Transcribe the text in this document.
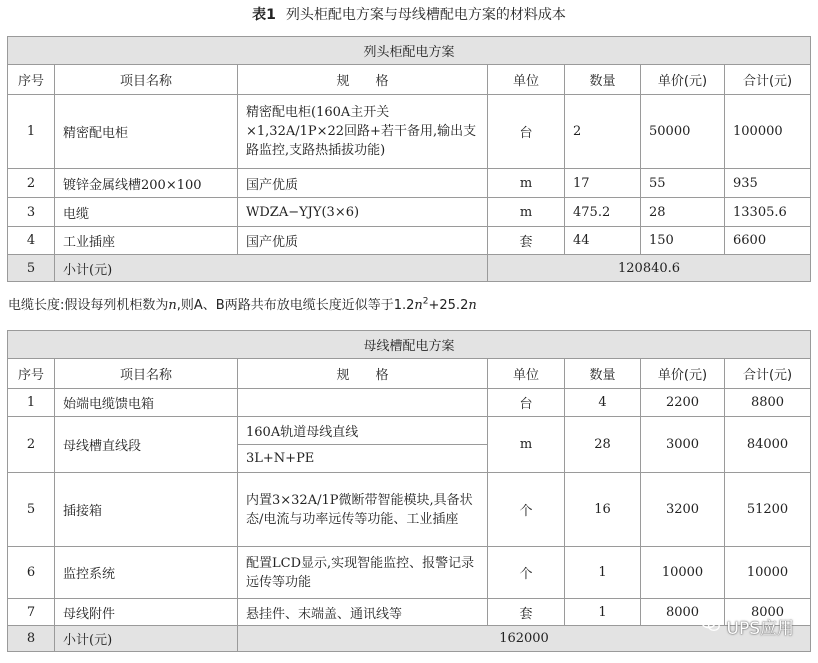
表1 列头柜配电方案与母线槽配电方案的材料成本
列头柜配电方案						
序号	项目名称	规　　格	单位	数量	单价(元)	合计(元)
1	精密配电柜	精密配电柜(160A主开关×1,32A/1P×22回路+若干备用,输出支路监控,支路热插拔功能)	台	2	50000	100000
2	镀锌金属线槽200×100	国产优质	m	17	55	935
3	电缆	WDZA−YJY(3×6)	m	475.2	28	13305.6
4	工业插座	国产优质	套	44	150	6600
5	小计(元)		120840.6			
电缆长度:假设每列机柜数为n,则A、B两路共布放电缆长度近似等于$1.2n^2+25.2n$
母线槽配电方案						
序号	项目名称	规　　格	单位	数量	单价(元)	合计(元)
1	始端电缆馈电箱		台	4	2200	8800
2	母线槽直线段	160A轨道母线直线	m	28	3000	84000
		3L+N+PE				
5	插接箱	内置3×32A/1P微断带智能模块,具备状态/电流与功率远传等功能、工业插座	个	16	3200	51200
6	监控系统	配置LCD显示,实现智能监控、报警记录远传等功能	个	1	10000	10000
7	母线附件	悬挂件、末端盖、通讯线等	套	1	8000	8000
8	小计(元)	162000					UPS应用
